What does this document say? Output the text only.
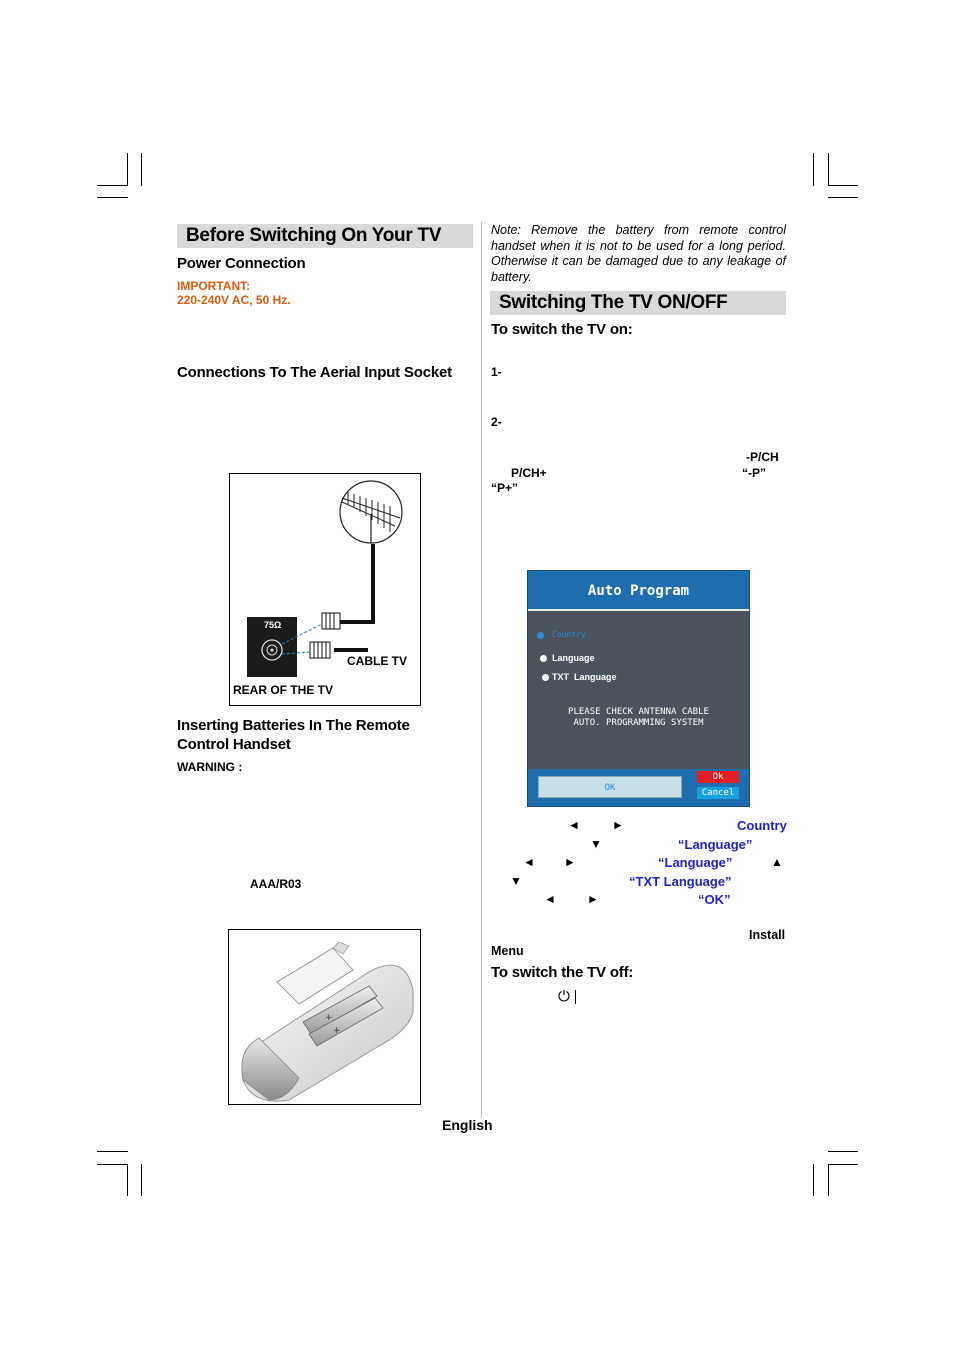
Before Switching On Your TV
Power Connection
IMPORTANT:
220-240V AC, 50 Hz.
Connections To The Aerial Input Socket
75Ω
CABLE TV
REAR OF THE TV
Inserting Batteries In The Remote
Control Handset
WARNING :
AAA/R03
+
+
Note: Remove the battery from remote control handset when it is not to be used for a long period. Otherwise it can be damaged due to any leakage of battery.
Switching The TV ON/OFF
To switch the TV on:
1-
2-
-P/CH
P/CH+	“-P”
“P+”
Auto Program
Country
Language
TXT  Language
PLEASE CHECK ANTENNA CABLE
AUTO. PROGRAMMING SYSTEM
OK
Ok
Cancel
◄	►	Country
▼	“Language”
◄ ►	“Language”	▲
▼	“TXT Language”
◄	►	“OK”
Install
Menu
To switch the TV off:
⏻
English
